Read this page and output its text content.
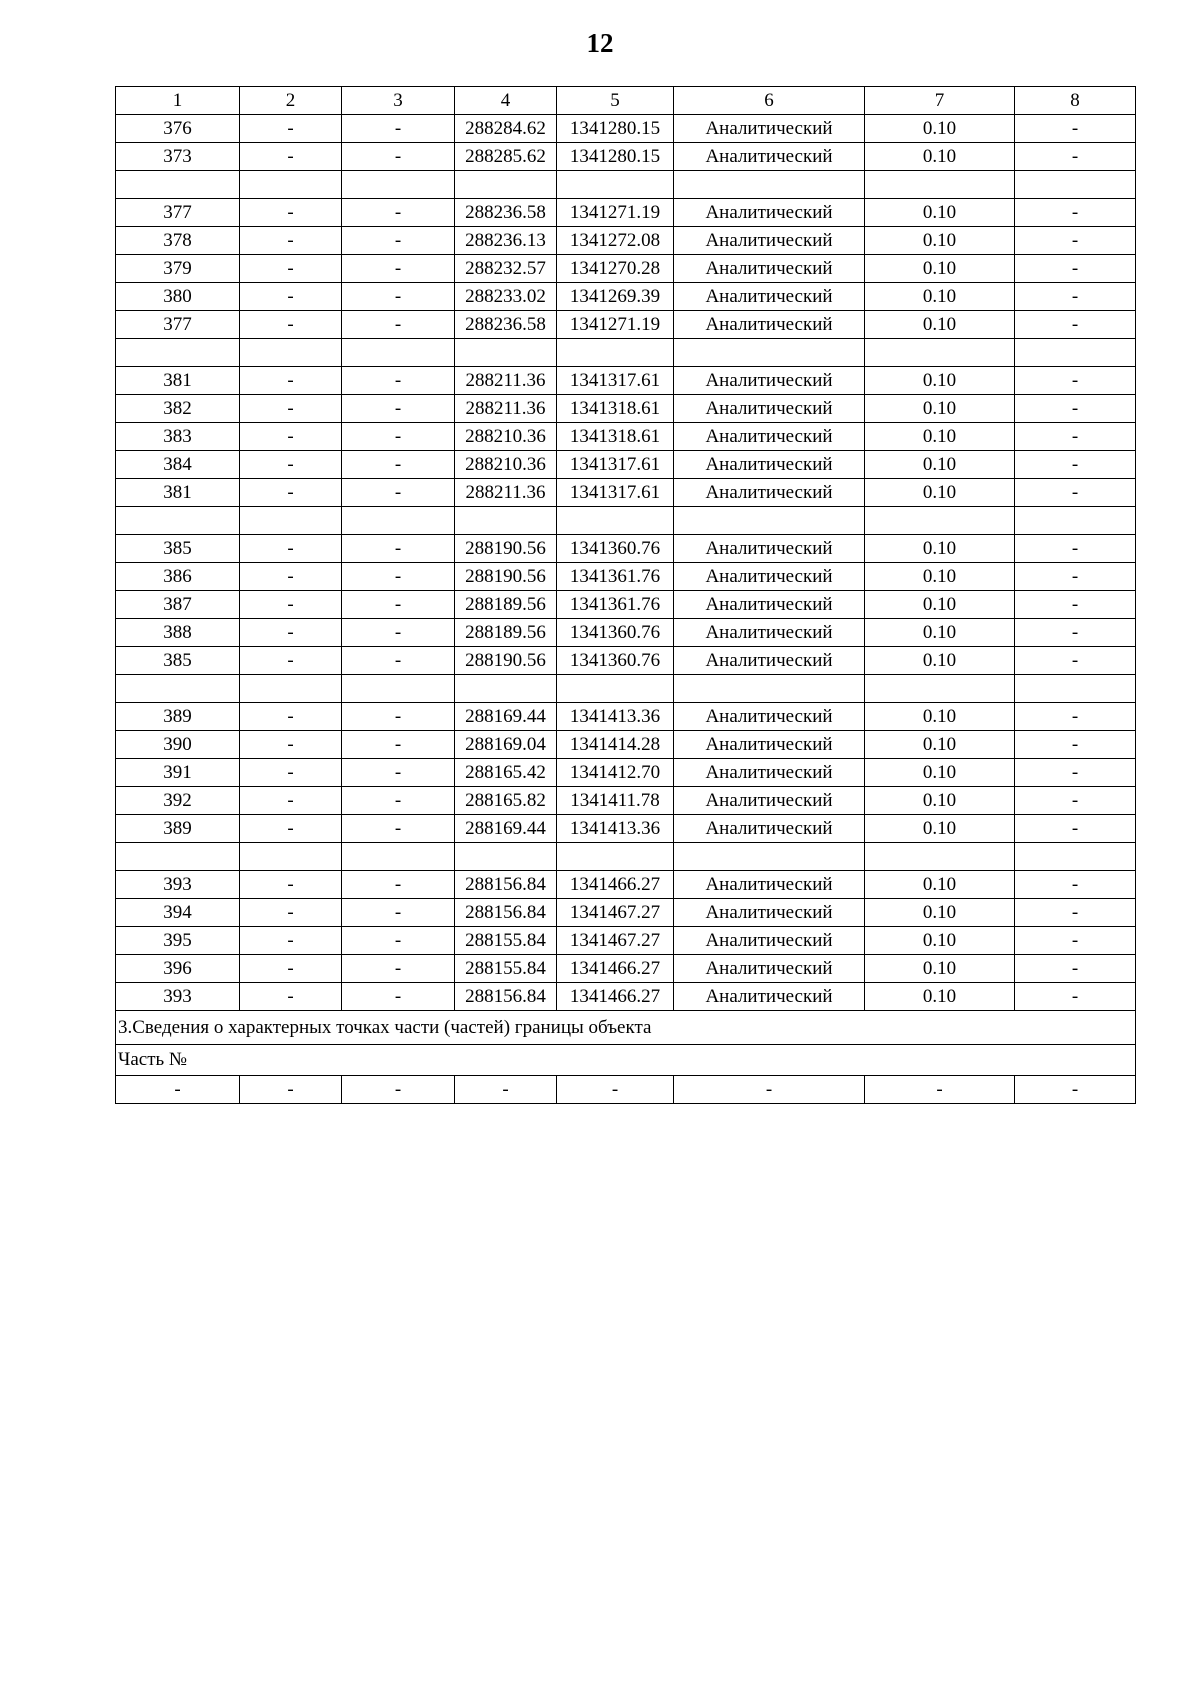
12
1	2	3	4	5	6	7	8
376	-	-	288284.62	1341280.15	Аналитический	0.10	-
373	-	-	288285.62	1341280.15	Аналитический	0.10	-

377	-	-	288236.58	1341271.19	Аналитический	0.10	-
378	-	-	288236.13	1341272.08	Аналитический	0.10	-
379	-	-	288232.57	1341270.28	Аналитический	0.10	-
380	-	-	288233.02	1341269.39	Аналитический	0.10	-
377	-	-	288236.58	1341271.19	Аналитический	0.10	-

381	-	-	288211.36	1341317.61	Аналитический	0.10	-
382	-	-	288211.36	1341318.61	Аналитический	0.10	-
383	-	-	288210.36	1341318.61	Аналитический	0.10	-
384	-	-	288210.36	1341317.61	Аналитический	0.10	-
381	-	-	288211.36	1341317.61	Аналитический	0.10	-

385	-	-	288190.56	1341360.76	Аналитический	0.10	-
386	-	-	288190.56	1341361.76	Аналитический	0.10	-
387	-	-	288189.56	1341361.76	Аналитический	0.10	-
388	-	-	288189.56	1341360.76	Аналитический	0.10	-
385	-	-	288190.56	1341360.76	Аналитический	0.10	-

389	-	-	288169.44	1341413.36	Аналитический	0.10	-
390	-	-	288169.04	1341414.28	Аналитический	0.10	-
391	-	-	288165.42	1341412.70	Аналитический	0.10	-
392	-	-	288165.82	1341411.78	Аналитический	0.10	-
389	-	-	288169.44	1341413.36	Аналитический	0.10	-

393	-	-	288156.84	1341466.27	Аналитический	0.10	-
394	-	-	288156.84	1341467.27	Аналитический	0.10	-
395	-	-	288155.84	1341467.27	Аналитический	0.10	-
396	-	-	288155.84	1341466.27	Аналитический	0.10	-
393	-	-	288156.84	1341466.27	Аналитический	0.10	-
3.Сведения о характерных точках части (частей) границы объекта							
Часть №							
-	-	-	-	-	-	-	-
